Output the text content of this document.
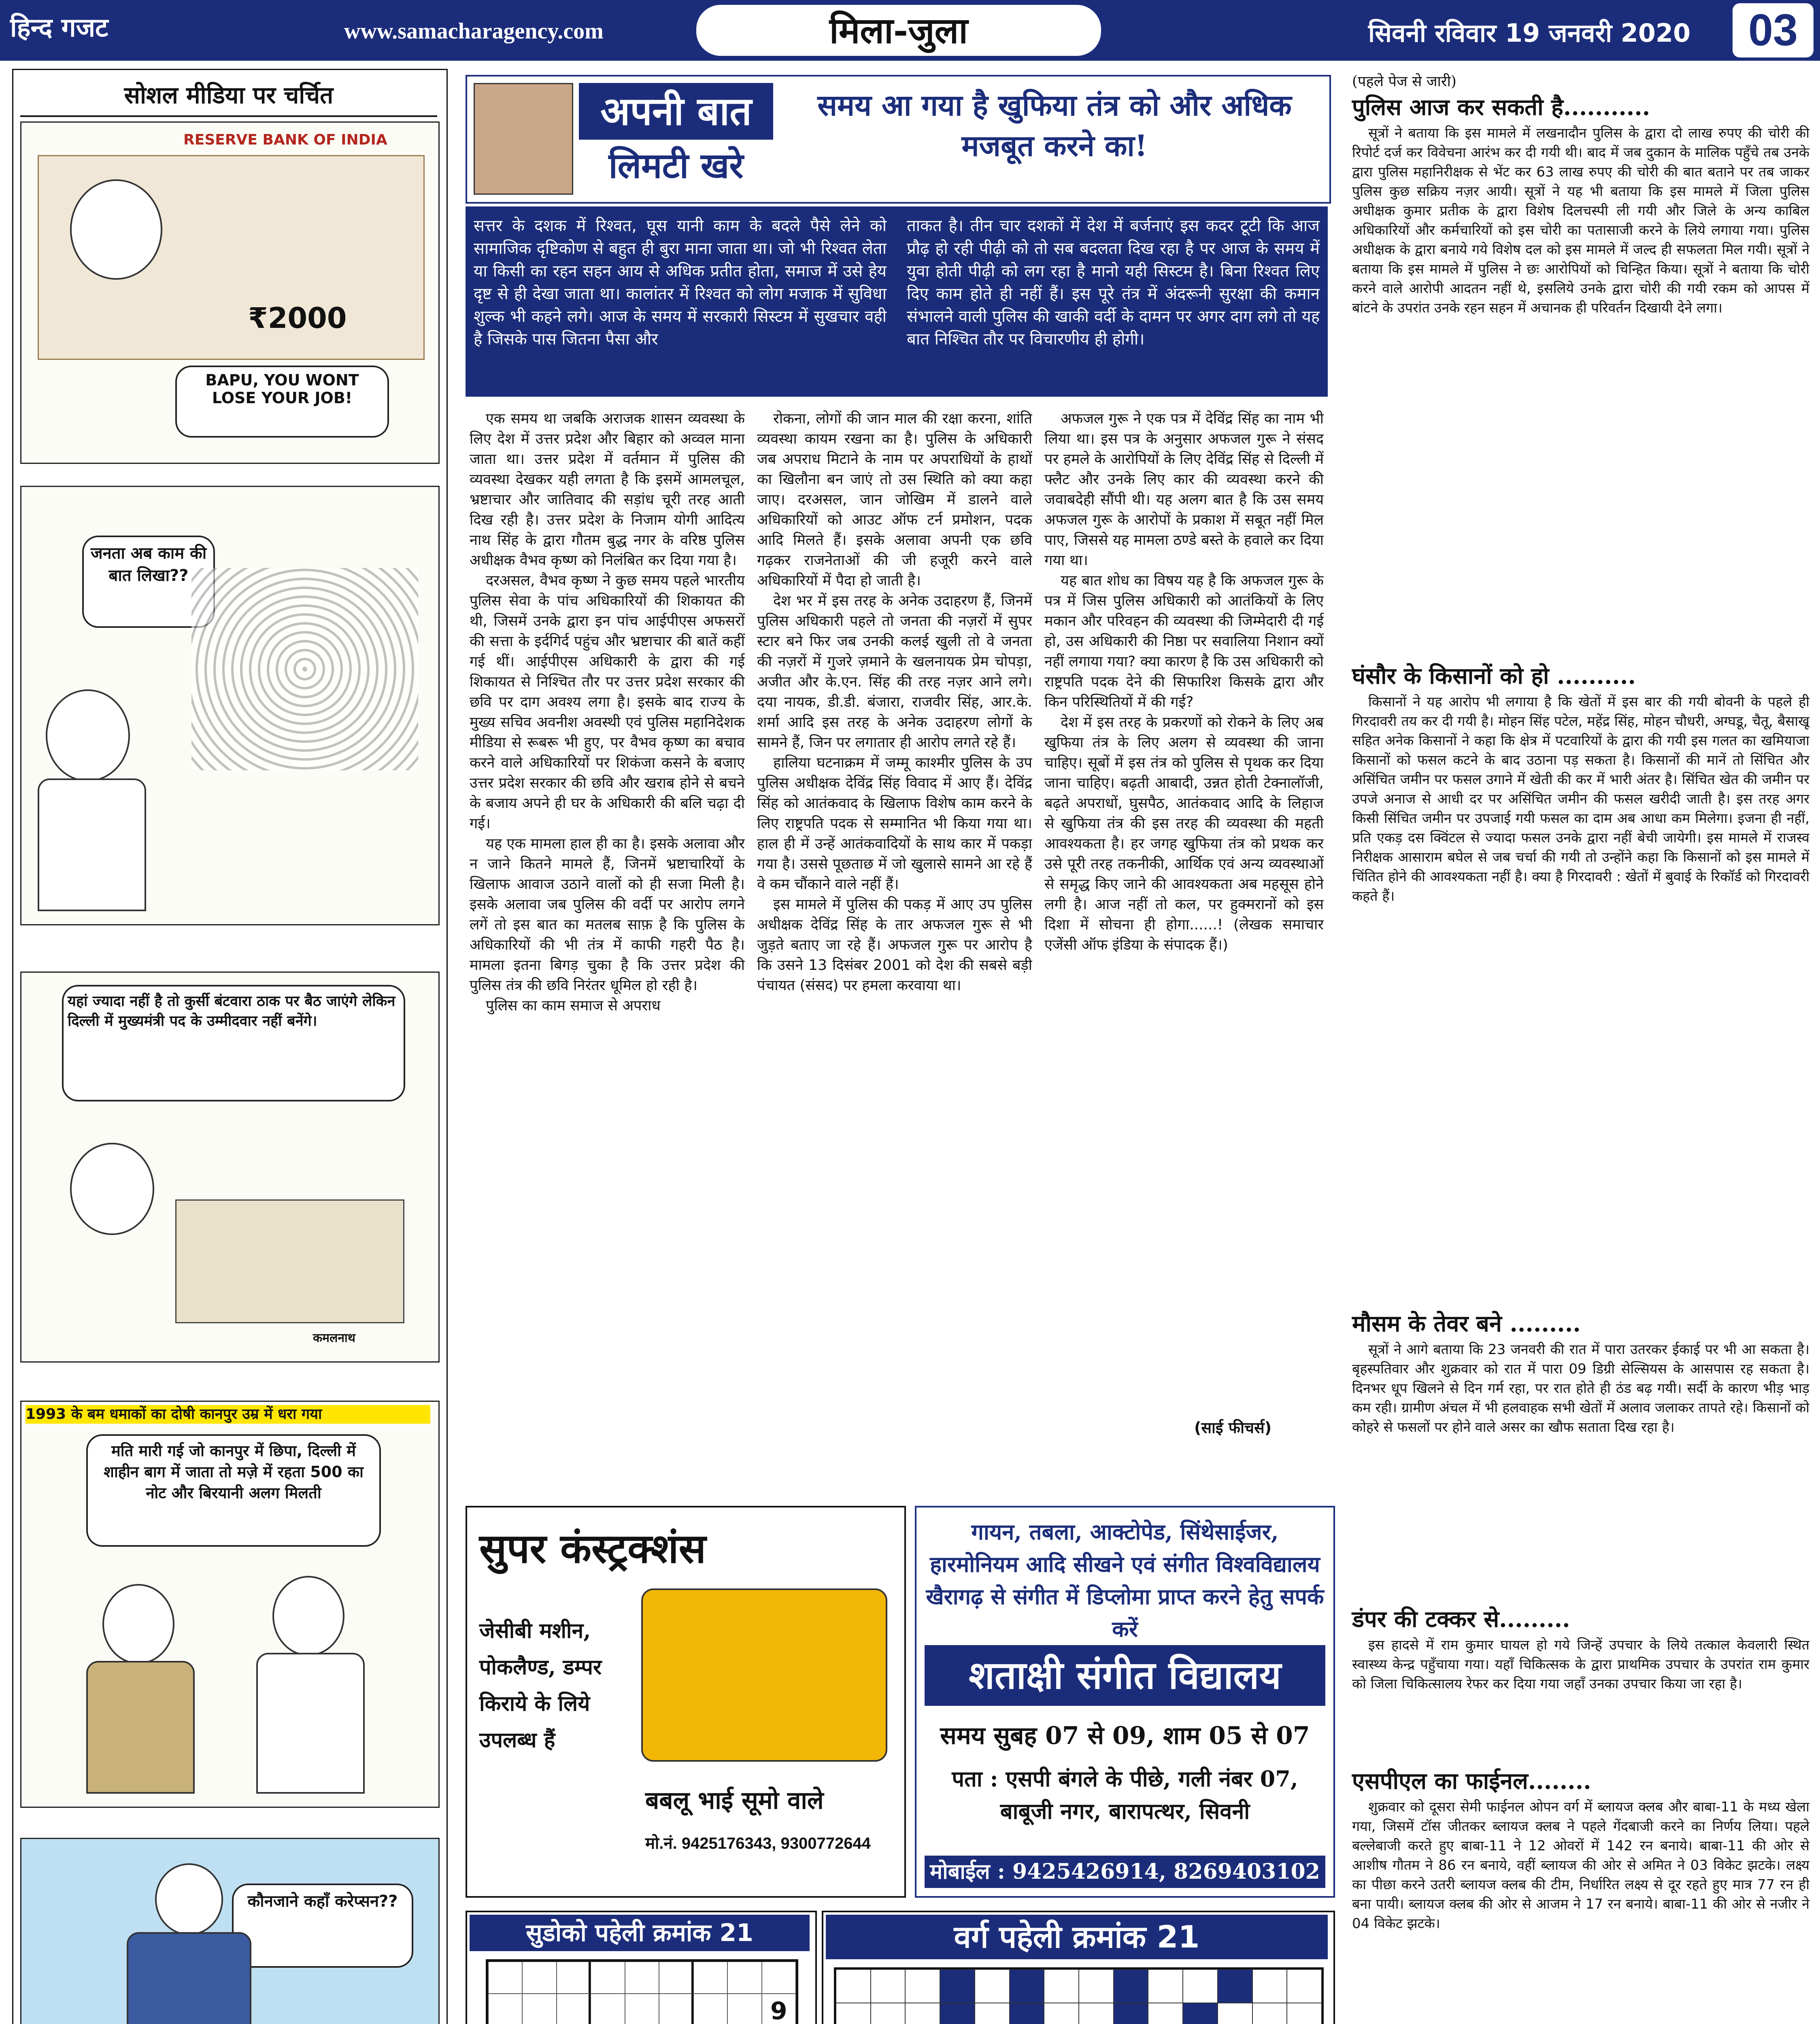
हिन्द गजट	www.samacharagency.com	मिला-जुला	सिवनी रविवार 19 जनवरी 2020	03
सोशल मीडिया पर चर्चित
RESERVE BANK OF INDIA
₹2000
BAPU, YOU WONT LOSE YOUR JOB!
जनता अब काम की बात लिखा??
यहां ज्यादा नहीं है तो कुर्सी बंटवारा ठाक पर बैठ जाएंगे लेकिन दिल्ली में मुख्यमंत्री पद के उम्मीदवार नहीं बनेंगे।
कमलनाथ
1993 के बम धमाकों का दोषी कानपुर उम्र में धरा गया
मति मारी गई जो कानपुर में छिपा, दिल्ली में शाहीन बाग में जाता तो मज़े में रहता 500 का नोट और बिरयानी अलग मिलती
कौनजाने कहाँ करेप्सन??
अपनी बात
लिमटी खरे
समय आ गया है खुफिया तंत्र को और अधिक मजबूत करने का!
सत्तर के दशक में रिश्वत, घूस यानी काम के बदले पैसे लेने को सामाजिक दृष्टिकोण से बहुत ही बुरा माना जाता था। जो भी रिश्वत लेता या किसी का रहन सहन आय से अधिक प्रतीत होता, समाज में उसे हेय दृष्ट से ही देखा जाता था। कालांतर में रिश्वत को लोग मजाक में सुविधा शुल्क भी कहने लगे। आज के समय में सरकारी सिस्टम में सुखचार वही है जिसके पास जितना पैसा और
ताकत है। तीन चार दशकों में देश में बर्जनाएं इस कदर टूटी कि आज प्रौढ़ हो रही पीढ़ी को तो सब बदलता दिख रहा है पर आज के समय में युवा होती पीढ़ी को लग रहा है मानो यही सिस्टम है। बिना रिश्वत लिए दिए काम होते ही नहीं हैं। इस पूरे तंत्र में अंदरूनी सुरक्षा की कमान संभालने वाली पुलिस की खाकी वर्दी के दामन पर अगर दाग लगे तो यह बात निश्चित तौर पर विचारणीय ही होगी।

एक समय था जबकि अराजक शासन व्यवस्था के लिए देश में उत्तर प्रदेश और बिहार को अव्वल माना जाता था। उत्तर प्रदेश में वर्तमान में पुलिस की व्यवस्था देखकर यही लगता है कि इसमें आमलचूल, भ्रष्टाचार और जातिवाद की सड़ांध चूरी तरह आती दिख रही है। उत्तर प्रदेश के निजाम योगी आदित्य नाथ सिंह के द्वारा गौतम बुद्ध नगर के वरिष्ठ पुलिस अधीक्षक वैभव कृष्ण को निलंबित कर दिया गया है।

दरअसल, वैभव कृष्ण ने कुछ समय पहले भारतीय पुलिस सेवा के पांच अधिकारियों की शिकायत की थी, जिसमें उनके द्वारा इन पांच आईपीएस अफसरों की सत्ता के इर्दगिर्द पहुंच और भ्रष्टाचार की बातें कहीं गई थीं। आईपीएस अधिकारी के द्वारा की गई शिकायत से निश्चित तौर पर उत्तर प्रदेश सरकार की छवि पर दाग अवश्य लगा है। इसके बाद राज्य के मुख्य सचिव अवनीश अवस्थी एवं पुलिस महानिदेशक मीडिया से रूबरू भी हुए, पर वैभव कृष्ण का बचाव करने वाले अधिकारियों पर शिकंजा कसने के बजाए उत्तर प्रदेश सरकार की छवि और खराब होने से बचने के बजाय अपने ही घर के अधिकारी की बलि चढ़ा दी गई।

यह एक मामला हाल ही का है। इसके अलावा और न जाने कितने मामले हैं, जिनमें भ्रष्टाचारियों के खिलाफ आवाज उठाने वालों को ही सजा मिली है। इसके अलावा जब पुलिस की वर्दी पर आरोप लगने लगें तो इस बात का मतलब साफ़ है कि पुलिस के अधिकारियों की भी तंत्र में काफी गहरी पैठ है। मामला इतना बिगड़ चुका है कि उत्तर प्रदेश की पुलिस तंत्र की छवि निरंतर धूमिल हो रही है।

पुलिस का काम समाज से अपराध

रोकना, लोगों की जान माल की रक्षा करना, शांति व्यवस्था कायम रखना का है। पुलिस के अधिकारी जब अपराध मिटाने के नाम पर अपराधियों के हाथों का खिलौना बन जाएं तो उस स्थिति को क्या कहा जाए। दरअसल, जान जोखिम में डालने वाले अधिकारियों को आउट ऑफ टर्न प्रमोशन, पदक आदि मिलते हैं। इसके अलावा अपनी एक छवि गढ़कर राजनेताओं की जी हजूरी करने वाले अधिकारियों में पैदा हो जाती है।

देश भर में इस तरह के अनेक उदाहरण हैं, जिनमें पुलिस अधिकारी पहले तो जनता की नज़रों में सुपर स्टार बने फिर जब उनकी कलई खुली तो वे जनता की नज़रों में गुजरे ज़माने के खलनायक प्रेम चोपड़ा, अजीत और के.एन. सिंह की तरह नज़र आने लगे। दया नायक, डी.डी. बंजारा, राजवीर सिंह, आर.के. शर्मा आदि इस तरह के अनेक उदाहरण लोगों के सामने हैं, जिन पर लगातार ही आरोप लगते रहे हैं।

हालिया घटनाक्रम में जम्मू काश्मीर पुलिस के उप पुलिस अधीक्षक देविंद्र सिंह विवाद में आए हैं। देविंद्र सिंह को आतंकवाद के खिलाफ विशेष काम करने के लिए राष्ट्रपति पदक से सम्मानित भी किया गया था। हाल ही में उन्हें आतंकवादियों के साथ कार में पकड़ा गया है। उससे पूछताछ में जो खुलासे सामने आ रहे हैं वे कम चौंकाने वाले नहीं हैं।

इस मामले में पुलिस की पकड़ में आए उप पुलिस अधीक्षक देविंद्र सिंह के तार अफजल गुरू से भी जुड़ते बताए जा रहे हैं। अफजल गुरू पर आरोप है कि उसने 13 दिसंबर 2001 को देश की सबसे बड़ी पंचायत (संसद) पर हमला करवाया था।

अफजल गुरू ने एक पत्र में देविंद्र सिंह का नाम भी लिया था। इस पत्र के अनुसार अफजल गुरू ने संसद पर हमले के आरोपियों के लिए देविंद्र सिंह से दिल्ली में फ्लैट और उनके लिए कार की व्यवस्था करने की जवाबदेही सौंपी थी। यह अलग बात है कि उस समय अफजल गुरू के आरोपों के प्रकाश में सबूत नहीं मिल पाए, जिससे यह मामला ठण्डे बस्ते के हवाले कर दिया गया था।

यह बात शोध का विषय यह है कि अफजल गुरू के पत्र में जिस पुलिस अधिकारी को आतंकियों के लिए मकान और परिवहन की व्यवस्था की जिम्मेदारी दी गई हो, उस अधिकारी की निष्ठा पर सवालिया निशान क्यों नहीं लगाया गया? क्या कारण है कि उस अधिकारी को राष्ट्रपति पदक देने की सिफारिश किसके द्वारा और किन परिस्थितियों में की गई?

देश में इस तरह के प्रकरणों को रोकने के लिए अब खुफिया तंत्र के लिए अलग से व्यवस्था की जाना चाहिए। सूबों में इस तंत्र को पुलिस से पृथक कर दिया जाना चाहिए। बढ़ती आबादी, उन्नत होती टेक्नालॉजी, बढ़ते अपराधों, घुसपैठ, आतंकवाद आदि के लिहाज से खुफिया तंत्र की इस तरह की व्यवस्था की महती आवश्यकता है। हर जगह खुफिया तंत्र को प्रथक कर उसे पूरी तरह तकनीकी, आर्थिक एवं अन्य व्यवस्थाओं से समृद्ध किए जाने की आवश्यकता अब महसूस होने लगी है। आज नहीं तो कल, पर हुक्मरानों को इस दिशा में सोचना ही होगा......! (लेखक समाचार एजेंसी ऑफ इंडिया के संपादक हैं।)

(साई फीचर्स)
सुपर कंस्ट्रक्शंस
जेसीबी मशीन, पोकलैण्ड, डम्पर किराये के लिये उपलब्ध हैं
बबलू भाई सूमो वाले
मो.नं. 9425176343, 9300772644
गायन, तबला, आक्टोपेड, सिंथेसाईजर, हारमोनियम आदि सीखने एवं संगीत विश्वविद्यालय खैरागढ़ से संगीत में डिप्लोमा प्राप्त करने हेतु सपर्क करें
शताक्षी संगीत विद्यालय
समय सुबह 07 से 09, शाम 05 से 07
पता : एसपी बंगले के पीछे, गली नंबर 07, बाबूजी नगर, बारापत्थर, सिवनी
मोबाईल : 9425426914, 8269403102
सुडोको पहेली क्रमांक 21
9
वर्ग पहेली क्रमांक 21
(पहले पेज से जारी)
पुलिस आज कर सकती है...........

सूत्रों ने बताया कि इस मामले में लखनादौन पुलिस के द्वारा दो लाख रुपए की चोरी की रिपोर्ट दर्ज कर विवेचना आरंभ कर दी गयी थी। बाद में जब दुकान के मालिक पहुँचे तब उनके द्वारा पुलिस महानिरीक्षक से भेंट कर 63 लाख रुपए की चोरी की बात बताने पर तब जाकर पुलिस कुछ सक्रिय नज़र आयी। सूत्रों ने यह भी बताया कि इस मामले में जिला पुलिस अधीक्षक कुमार प्रतीक के द्वारा विशेष दिलचस्पी ली गयी और जिले के अन्य काबिल अधिकारियों और कर्मचारियों को इस चोरी का पतासाजी करने के लिये लगाया गया। पुलिस अधीक्षक के द्वारा बनाये गये विशेष दल को इस मामले में जल्द ही सफलता मिल गयी। सूत्रों ने बताया कि इस मामले में पुलिस ने छः आरोपियों को चिन्हित किया। सूत्रों ने बताया कि चोरी करने वाले आरोपी आदतन नहीं थे, इसलिये उनके द्वारा चोरी की गयी रकम को आपस में बांटने के उपरांत उनके रहन सहन में अचानक ही परिवर्तन दिखायी देने लगा।

घंसौर के किसानों को हो ..........

किसानों ने यह आरोप भी लगाया है कि खेतों में इस बार की गयी बोवनी के पहले ही गिरदावरी तय कर दी गयी है। मोहन सिंह पटेल, महेंद्र सिंह, मोहन चौधरी, अग्घडू, चैतू, बैसाखू सहित अनेक किसानों ने कहा कि क्षेत्र में पटवारियों के द्वारा की गयी इस गलत का खमियाजा किसानों को फसल कटने के बाद उठाना पड़ सकता है। किसानों की मानें तो सिंचित और असिंचित जमीन पर फसल उगाने में खेती की कर में भारी अंतर है। सिंचित खेत की जमीन पर उपजे अनाज से आधी दर पर असिंचित जमीन की फसल खरीदी जाती है। इस तरह अगर किसी सिंचित जमीन पर उपजाई गयी फसल का दाम अब आधा कम मिलेगा। इजना ही नहीं, प्रति एकड़ दस क्विंटल से ज्यादा फसल उनके द्वारा नहीं बेची जायेगी। इस मामले में राजस्व निरीक्षक आसाराम बघेल से जब चर्चा की गयी तो उन्होंने कहा कि किसानों को इस मामले में चिंतित होने की आवश्यकता नहीं है। क्या है गिरदावरी : खेतों में बुवाई के रिकॉर्ड को गिरदावरी कहते हैं।

मौसम के तेवर बने .........

सूत्रों ने आगे बताया कि 23 जनवरी की रात में पारा उतरकर ईकाई पर भी आ सकता है। बृहस्पतिवार और शुक्रवार को रात में पारा 09 डिग्री सेल्सियस के आसपास रह सकता है। दिनभर धूप खिलने से दिन गर्म रहा, पर रात होते ही ठंड बढ़ गयी। सर्दी के कारण भीड़ भाड़ कम रही। ग्रामीण अंचल में भी हलवाहक सभी खेतों में अलाव जलाकर तापते रहे। किसानों को कोहरे से फसलों पर होने वाले असर का खौफ सताता दिख रहा है।

डंपर की टक्कर से.........

इस हादसे में राम कुमार घायल हो गये जिन्हें उपचार के लिये तत्काल केवलारी स्थित स्वास्थ्य केन्द्र पहुँचाया गया। यहाँ चिकित्सक के द्वारा प्राथमिक उपचार के उपरांत राम कुमार को जिला चिकित्सालय रेफर कर दिया गया जहाँ उनका उपचार किया जा रहा है।

एसपीएल का फाईनल........

शुक्रवार को दूसरा सेमी फाईनल ओपन वर्ग में ब्लायज क्लब और बाबा-11 के मध्य खेला गया, जिसमें टॉस जीतकर ब्लायज क्लब ने पहले गेंदबाजी करने का निर्णय लिया। पहले बल्लेबाजी करते हुए बाबा-11 ने 12 ओवरों में 142 रन बनाये। बाबा-11 की ओर से आशीष गौतम ने 86 रन बनाये, वहीं ब्लायज की ओर से अमित ने 03 विकेट झटके। लक्ष्य का पीछा करने उतरी ब्लायज क्लब की टीम, निर्धारित लक्ष्य से दूर रहते हुए मात्र 77 रन ही बना पायी। ब्लायज क्लब की ओर से आजम ने 17 रन बनाये। बाबा-11 की ओर से नजीर ने 04 विकेट झटके।
